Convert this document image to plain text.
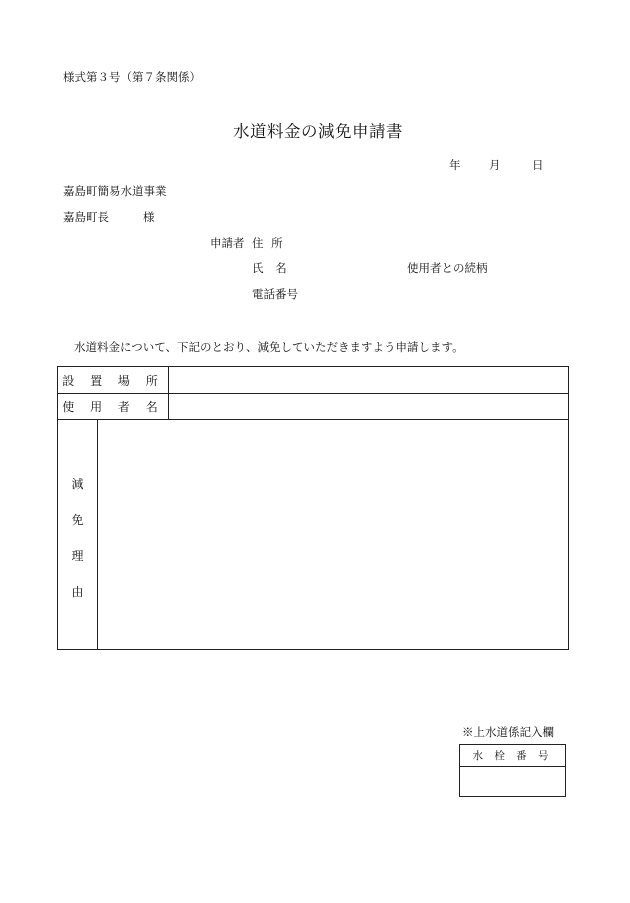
様式第３号（第７条関係）
水道料金の減免申請書
年 月	日
嘉島町簡易水道事業
嘉島町長	様
申請者 住 所
氏 名	使用者との続柄
電話番号
水道料金について、下記のとおり、減免していただきますよう申請します。
設 置 場 所
使 用 者 名
減
免
理
由
※上水道係記入欄
水 栓 番 号
